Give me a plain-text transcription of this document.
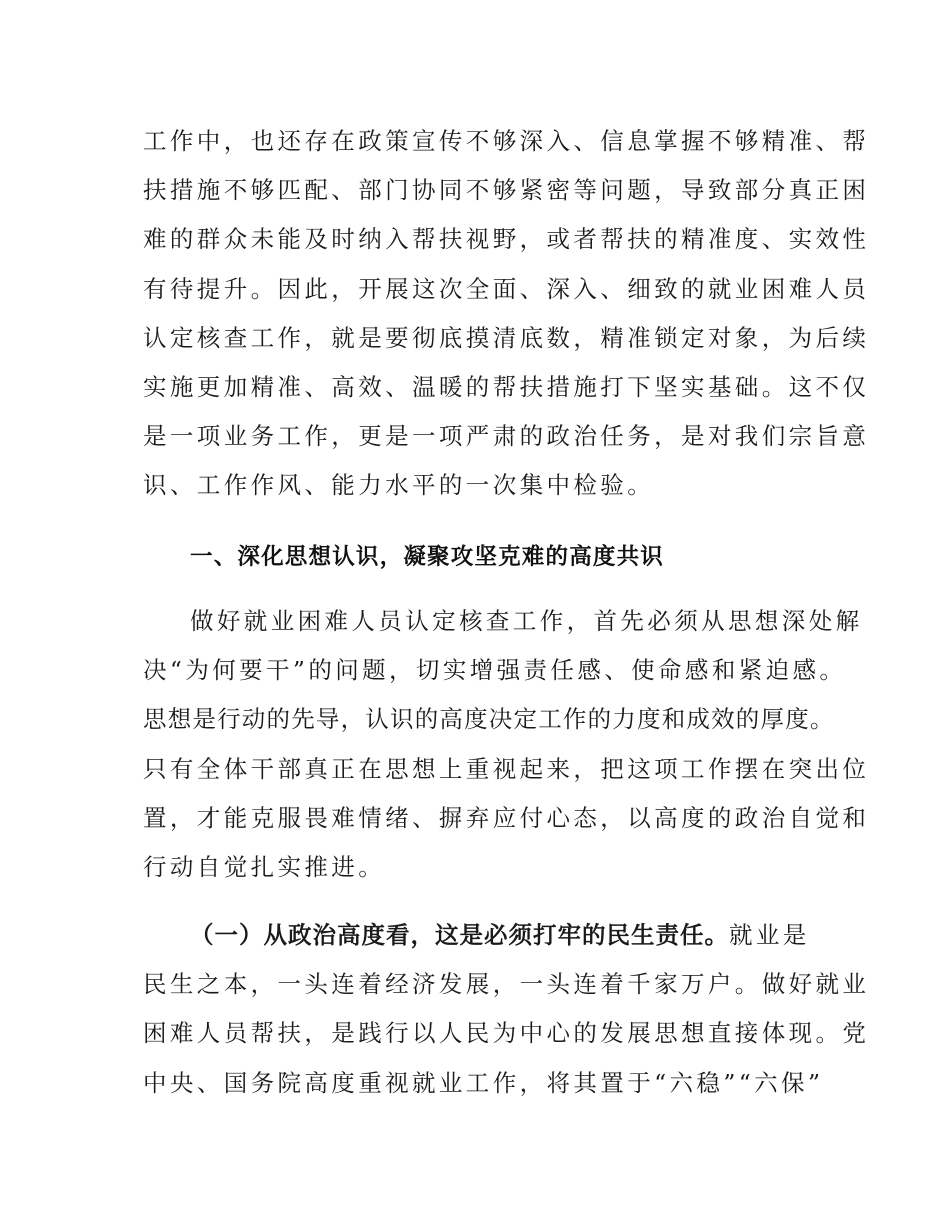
工作中，也还存在政策宣传不够深入、信息掌握不够精准、帮
扶措施不够匹配、部门协同不够紧密等问题，导致部分真正困
难的群众未能及时纳入帮扶视野，或者帮扶的精准度、实效性
有待提升。因此，开展这次全面、深入、细致的就业困难人员
认定核查工作，就是要彻底摸清底数，精准锁定对象，为后续
实施更加精准、高效、温暖的帮扶措施打下坚实基础。这不仅
是一项业务工作，更是一项严肃的政治任务，是对我们宗旨意
识、工作作风、能力水平的一次集中检验。
一、深化思想认识，凝聚攻坚克难的高度共识
做好就业困难人员认定核查工作，首先必须从思想深处解
决“为何要干”的问题，切实增强责任感、使命感和紧迫感。
思想是行动的先导，认识的高度决定工作的力度和成效的厚度。
只有全体干部真正在思想上重视起来，把这项工作摆在突出位
置，才能克服畏难情绪、摒弃应付心态，以高度的政治自觉和
行动自觉扎实推进。
（一）从政治高度看，这是必须打牢的民生责任。就业是
民生之本，一头连着经济发展，一头连着千家万户。做好就业
困难人员帮扶，是践行以人民为中心的发展思想直接体现。党
中央、国务院高度重视就业工作，将其置于“六稳”“六保”
